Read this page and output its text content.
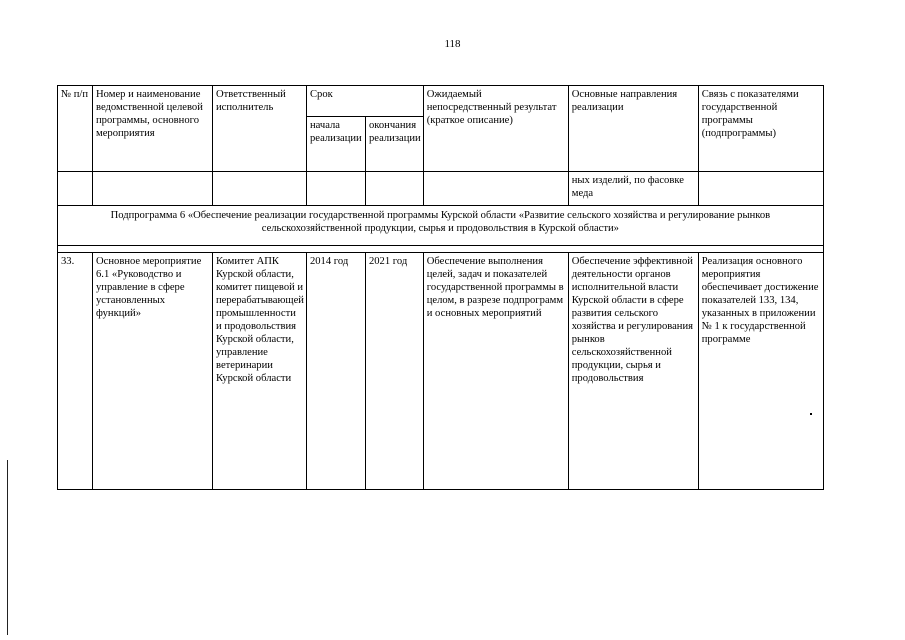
118
№ п/п	Номер и наименование ведомственной целевой программы, основного мероприятия	Ответственный исполнитель	Срок		Ожидаемый непосредственный результат (краткое описание)	Основные направления реализации	Связь с показателями государственной программы (подпрограммы)
			начала реализации	окончания реализации			
						ных изделий, по фасовке меда	
Подпрограмма 6 «Обеспечение реализации государственной программы Курской области «Развитие сельского хозяйства и регулирование рынков сельскохозяйственной продукции, сырья и продовольствия в Курской области»							

33.	Основное мероприятие 6.1 «Руководство и управление в сфере установленных функций»	Комитет АПК Курской области, комитет пищевой и перерабатывающей промышленности и продовольствия Курской области, управление ветеринарии Курской области	2014 год	2021 год	Обеспечение выполнения целей, задач и показателей государственной программы в целом, в разрезе подпрограмм и основных мероприятий	Обеспечение эффективной деятельности органов исполнительной власти Курской области в сфере развития сельского хозяйства и регулирования рынков сельскохозяйственной продукции, сырья и продовольствия	Реализация основного мероприятия обеспечивает достижение показателей 133, 134, указанных в приложении № 1 к государственной программе
